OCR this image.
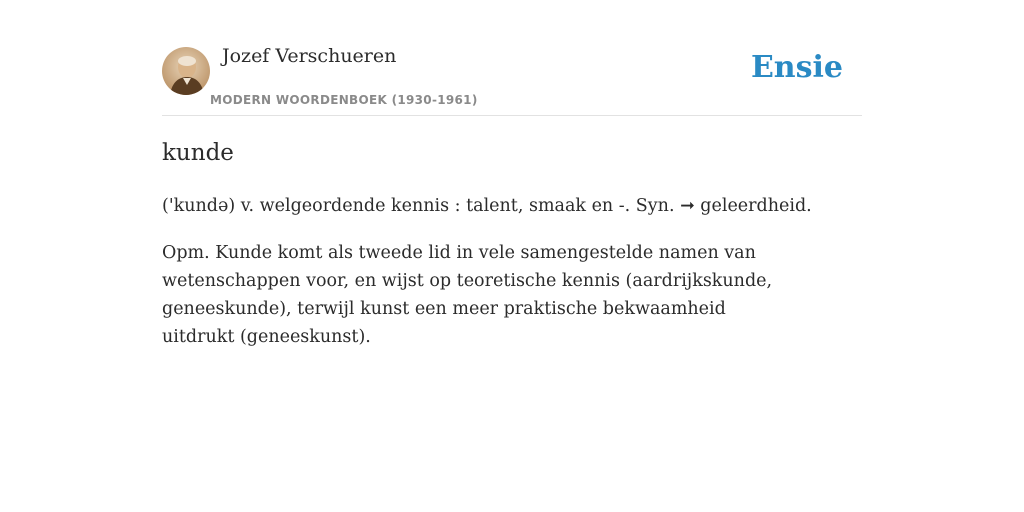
Jozef Verschueren
MODERN WOORDENBOEK (1930-1961)
Ensie
kunde

('kundə) v. welgeordende kennis : talent, smaak en -. Syn. ➞ geleerdheid.

Opm. Kunde komt als tweede lid in vele samengestelde namen van wetenschappen voor, en wijst op teoretische kennis (aardrijkskunde, geneeskunde), terwijl kunst een meer praktische bekwaamheid uitdrukt (geneeskunst).
